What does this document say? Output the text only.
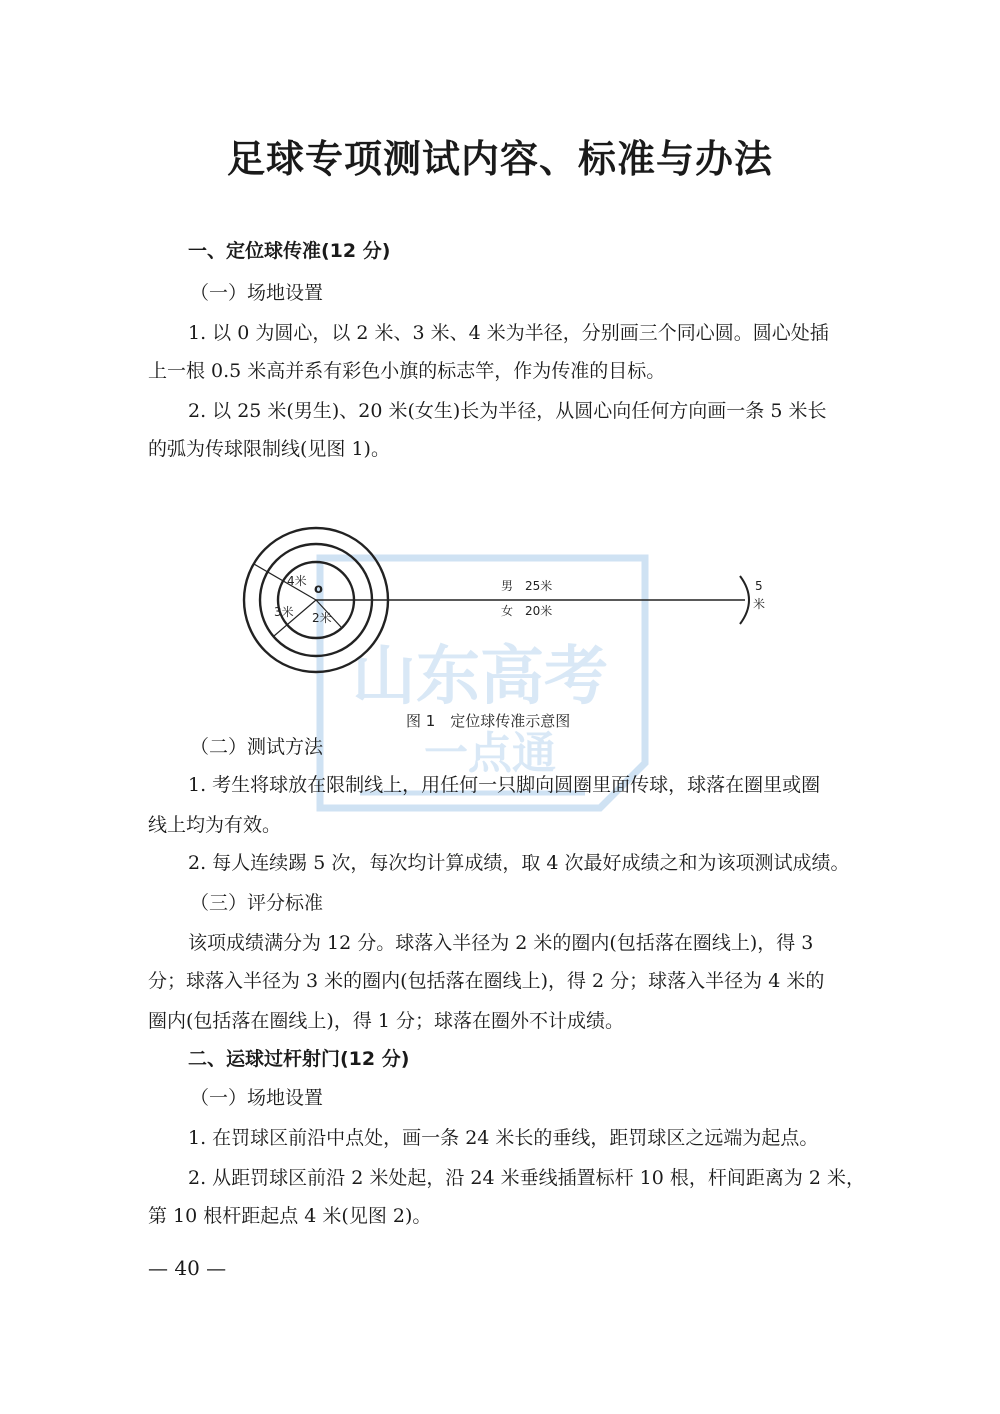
足球专项测试内容、标准与办法
一、定位球传准(12 分)
（一）场地设置
1. 以 0 为圆心，以 2 米、3 米、4 米为半径，分别画三个同心圆。圆心处插
上一根 0.5 米高并系有彩色小旗的标志竿，作为传准的目标。
2. 以 25 米(男生)、20 米(女生)长为半径，从圆心向任何方向画一条 5 米长
的弧为传球限制线(见图 1)。
山东高考
一点通
4米
o
3米 2米
男　25米
女　20米
5
米
图 1　定位球传准示意图
（二）测试方法
1. 考生将球放在限制线上，用任何一只脚向圆圈里面传球，球落在圈里或圈
线上均为有效。
2. 每人连续踢 5 次，每次均计算成绩，取 4 次最好成绩之和为该项测试成绩。
（三）评分标准
该项成绩满分为 12 分。球落入半径为 2 米的圈内(包括落在圈线上)，得 3
分；球落入半径为 3 米的圈内(包括落在圈线上)，得 2 分；球落入半径为 4 米的
圈内(包括落在圈线上)，得 1 分；球落在圈外不计成绩。
二、运球过杆射门(12 分)
（一）场地设置
1. 在罚球区前沿中点处，画一条 24 米长的垂线，距罚球区之远端为起点。
2. 从距罚球区前沿 2 米处起，沿 24 米垂线插置标杆 10 根，杆间距离为 2 米，
第 10 根杆距起点 4 米(见图 2)。
— 40 —
